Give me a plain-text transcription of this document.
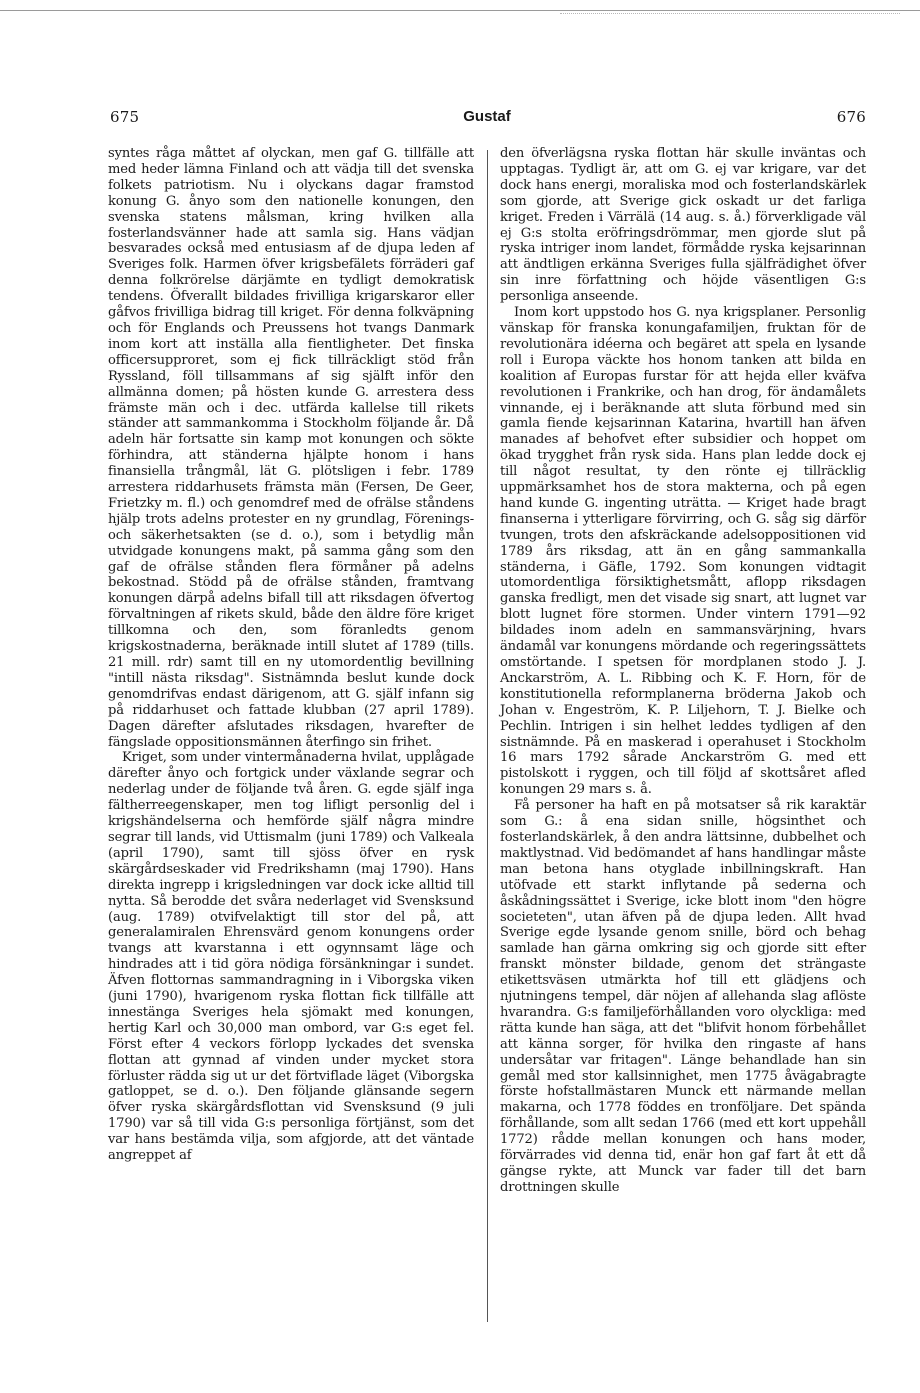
675	Gustaf	676

syntes råga måttet af olyckan, men gaf G. tillfälle att med heder lämna Finland och att vädja till det svenska folkets patriotism. Nu i olyckans dagar framstod konung G. ånyo som den nationelle konungen, den svenska statens målsman, kring hvilken alla fosterlandsvänner hade att samla sig. Hans vädjan besvarades också med entusiasm af de djupa leden af Sveriges folk. Harmen öfver krigsbefälets förräderi gaf denna folkrörelse därjämte en tydligt demokratisk tendens. Öfverallt bildades frivilliga krigarskaror eller gåfvos frivilliga bidrag till kriget. För denna folkväpning och för Englands och Preussens hot tvangs Danmark inom kort att inställa alla fientligheter. Det finska officersupproret, som ej fick tillräckligt stöd från Ryssland, föll tillsammans af sig själft inför den allmänna domen; på hösten kunde G. arrestera dess främste män och i dec. utfärda kallelse till rikets ständer att sammankomma i Stockholm följande år. Då adeln här fortsatte sin kamp mot konungen och sökte förhindra, att ständerna hjälpte honom i hans finansiella trångmål, lät G. plötsligen i febr. 1789 arrestera riddarhusets främsta män (Fersen, De Geer, Frietzky m. fl.) och genomdref med de ofrälse ståndens hjälp trots adelns protester en ny grundlag, Förenings- och säkerhetsakten (se d. o.), som i betydlig mån utvidgade konungens makt, på samma gång som den gaf de ofrälse stånden flera förmåner på adelns bekostnad. Stödd på de ofrälse stånden, framtvang konungen därpå adelns bifall till att riksdagen öfvertog förvaltningen af rikets skuld, både den äldre före kriget tillkomna och den, som föranledts genom krigskostnaderna, beräknade intill slutet af 1789 (tills. 21 mill. rdr) samt till en ny utomordentlig bevillning "intill nästa riksdag". Sistnämnda beslut kunde dock genomdrifvas endast därigenom, att G. själf infann sig på riddarhuset och fattade klubban (27 april 1789). Dagen därefter afslutades riksdagen, hvarefter de fängslade oppositionsmännen återfingo sin frihet.

Kriget, som under vintermånaderna hvilat, upplågade därefter ånyo och fortgick under växlande segrar och nederlag under de följande två åren. G. egde själf inga fältherreegenskaper, men tog lifligt personlig del i krigshändelserna och hemförde själf några mindre segrar till lands, vid Uttismalm (juni 1789) och Valkeala (april 1790), samt till sjöss öfver en rysk skärgårdseskader vid Fredrikshamn (maj 1790). Hans direkta ingrepp i krigsledningen var dock icke alltid till nytta. Så berodde det svåra nederlaget vid Svensksund (aug. 1789) otvifvelaktigt till stor del på, att generalamiralen Ehrensvärd genom konungens order tvangs att kvarstanna i ett ogynnsamt läge och hindrades att i tid göra nödiga försänkningar i sundet. Äfven flottornas sammandragning in i Viborgska viken (juni 1790), hvarigenom ryska flottan fick tillfälle att innestänga Sveriges hela sjömakt med konungen, hertig Karl och 30,000 man ombord, var G:s eget fel. Först efter 4 veckors förlopp lyckades det svenska flottan att gynnad af vinden under mycket stora förluster rädda sig ut ur det förtviflade läget (Viborgska gatloppet, se d. o.). Den följande glänsande segern öfver ryska skärgårdsflottan vid Svensksund (9 juli 1790) var så till vida G:s personliga förtjänst, som det var hans bestämda vilja, som afgjorde, att det väntade angreppet af

den öfverlägsna ryska flottan här skulle inväntas och upptagas. Tydligt är, att om G. ej var krigare, var det dock hans energi, moraliska mod och fosterlandskärlek som gjorde, att Sverige gick oskadt ur det farliga kriget. Freden i Värrälä (14 aug. s. å.) förverkligade väl ej G:s stolta eröfringsdrömmar, men gjorde slut på ryska intriger inom landet, förmådde ryska kejsarinnan att ändtligen erkänna Sveriges fulla själfrädighet öfver sin inre författning och höjde väsentligen G:s personliga anseende.

Inom kort uppstodo hos G. nya krigsplaner. Personlig vänskap för franska konungafamiljen, fruktan för de revolutionära idéerna och begäret att spela en lysande roll i Europa väckte hos honom tanken att bilda en koalition af Europas furstar för att hejda eller kväfva revolutionen i Frankrike, och han drog, för ändamålets vinnande, ej i beräknande att sluta förbund med sin gamla fiende kejsarinnan Katarina, hvartill han äfven manades af behofvet efter subsidier och hoppet om ökad trygghet från rysk sida. Hans plan ledde dock ej till något resultat, ty den rönte ej tillräcklig uppmärksamhet hos de stora makterna, och på egen hand kunde G. ingenting uträtta. — Kriget hade bragt finanserna i ytterligare förvirring, och G. såg sig därför tvungen, trots den afskräckande adelsoppositionen vid 1789 års riksdag, att än en gång sammankalla ständerna, i Gäfle, 1792. Som konungen vidtagit utomordentliga försiktighetsmått, aflopp riksdagen ganska fredligt, men det visade sig snart, att lugnet var blott lugnet före stormen. Under vintern 1791—92 bildades inom adeln en sammansvärjning, hvars ändamål var konungens mördande och regeringssättets omstörtande. I spetsen för mordplanen stodo J. J. Anckarström, A. L. Ribbing och K. F. Horn, för de konstitutionella reformplanerna bröderna Jakob och Johan v. Engeström, K. P. Liljehorn, T. J. Bielke och Pechlin. Intrigen i sin helhet leddes tydligen af den sistnämnde. På en maskerad i operahuset i Stockholm 16 mars 1792 sårade Anckarström G. med ett pistolskott i ryggen, och till följd af skottsåret afled konungen 29 mars s. å.

Få personer ha haft en på motsatser så rik karaktär som G.: å ena sidan snille, högsinthet och fosterlandskärlek, å den andra lättsinne, dubbelhet och maktlystnad. Vid bedömandet af hans handlingar måste man betona hans otyglade inbillningskraft. Han utöfvade ett starkt inflytande på sederna och åskådningssättet i Sverige, icke blott inom "den högre societeten", utan äfven på de djupa leden. Allt hvad Sverige egde lysande genom snille, börd och behag samlade han gärna omkring sig och gjorde sitt efter franskt mönster bildade, genom det strängaste etikettsväsen utmärkta hof till ett glädjens och njutningens tempel, där nöjen af allehanda slag aflöste hvarandra. G:s familjeförhållanden voro olyckliga: med rätta kunde han säga, att det "blifvit honom förbehållet att känna sorger, för hvilka den ringaste af hans undersåtar var fritagen". Länge behandlade han sin gemål med stor kallsinnighet, men 1775 åvägabragte förste hofstallmästaren Munck ett närmande mellan makarna, och 1778 föddes en tronföljare. Det spända förhållande, som allt sedan 1766 (med ett kort uppehåll 1772) rådde mellan konungen och hans moder, förvärrades vid denna tid, enär hon gaf fart åt ett då gängse rykte, att Munck var fader till det barn drottningen skulle
